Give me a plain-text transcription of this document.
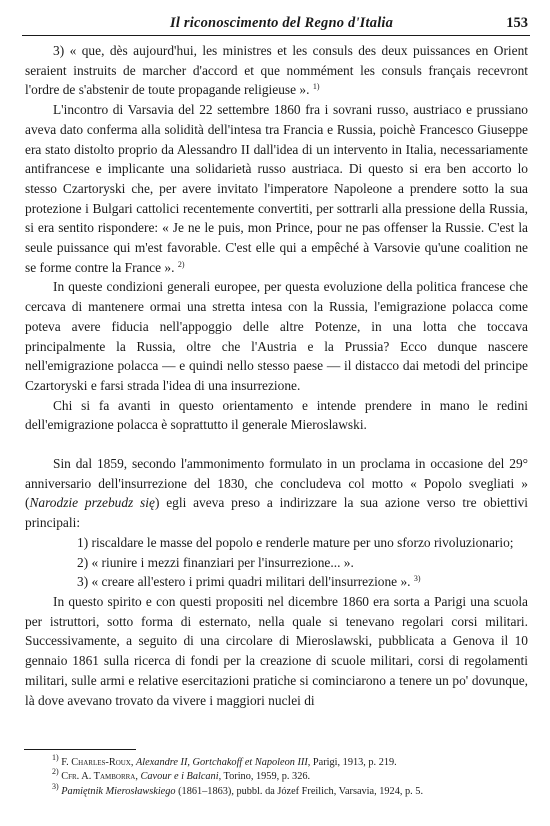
Il riconoscimento del Regno d'Italia	153

3) « que, dès aujourd'hui, les ministres et les consuls des deux puissances en Orient seraient instruits de marcher d'accord et que nommément les consuls français recevront l'ordre de s'abstenir de toute propagande religieuse ». $^{1)}$

L'incontro di Varsavia del 22 settembre 1860 fra i sovrani russo, austriaco e prussiano aveva dato conferma alla solidità dell'intesa tra Francia e Russia, poichè Francesco Giuseppe era stato distolto proprio da Alessandro II dall'idea di un intervento in Italia, necessariamente antifrancese e implicante una solidarietà russo austriaca. Di questo si era ben accorto lo stesso Czartoryski che, per avere invitato l'imperatore Napoleone a prendere sotto la sua protezione i Bulgari cattolici recentemente convertiti, per sottrarli alla pressione della Russia, si era sentito rispondere: « Je ne le puis, mon Prince, pour ne pas offenser la Russie. C'est la seule puissance qui m'est favorable. C'est elle qui a empêché à Varsovie qu'une coalition ne se forme contre la France ». $^{2)}$

In queste condizioni generali europee, per questa evoluzione della politica francese che cercava di mantenere ormai una stretta intesa con la Russia, l'emigrazione polacca come poteva avere fiducia nell'appoggio delle altre Potenze, in una lotta che toccava principalmente la Russia, oltre che l'Austria e la Prussia? Ecco dunque nascere nell'emigrazione polacca — e quindi nello stesso paese — il distacco dai metodi del principe Czartoryski e farsi strada l'idea di una insurrezione.

Chi si fa avanti in questo orientamento e intende prendere in mano le redini dell'emigrazione polacca è soprattutto il generale Mieroslawski.

Sin dal 1859, secondo l'ammonimento formulato in un proclama in occasione del 29° anniversario dell'insurrezione del 1830, che concludeva col motto « Popolo svegliati » (Narodzie przebudz się) egli aveva preso a indirizzare la sua azione verso tre obiettivi principali:

1) riscaldare le masse del popolo e renderle mature per uno sforzo rivoluzionario;

2) « riunire i mezzi finanziari per l'insurrezione... ».

3) « creare all'estero i primi quadri militari dell'insurrezione ». $^{3)}$

In questo spirito e con questi propositi nel dicembre 1860 era sorta a Parigi una scuola per istruttori, sotto forma di esternato, nella quale si tenevano regolari corsi militari. Successivamente, a seguito di una circolare di Mieroslawski, pubblicata a Genova il 10 gennaio 1861 sulla ricerca di fondi per la creazione di scuole militari, corsi di regolamenti militari, sulle armi e relative esercitazioni pratiche si cominciarono a tenere un po' dovunque, là dove avevano trovato da vivere i maggiori nuclei di

$^{1)}$ F. Charles-Roux, Alexandre II, Gortchakoff et Napoleon III, Parigi, 1913, p. 219.

$^{2)}$ Cfr. A. Tamborra, Cavour e i Balcani, Torino, 1959, p. 326.

$^{3)}$ Pamiętnik Mierosławskiego (1861–1863), pubbl. da Józef Freilich, Varsavia, 1924, p. 5.
